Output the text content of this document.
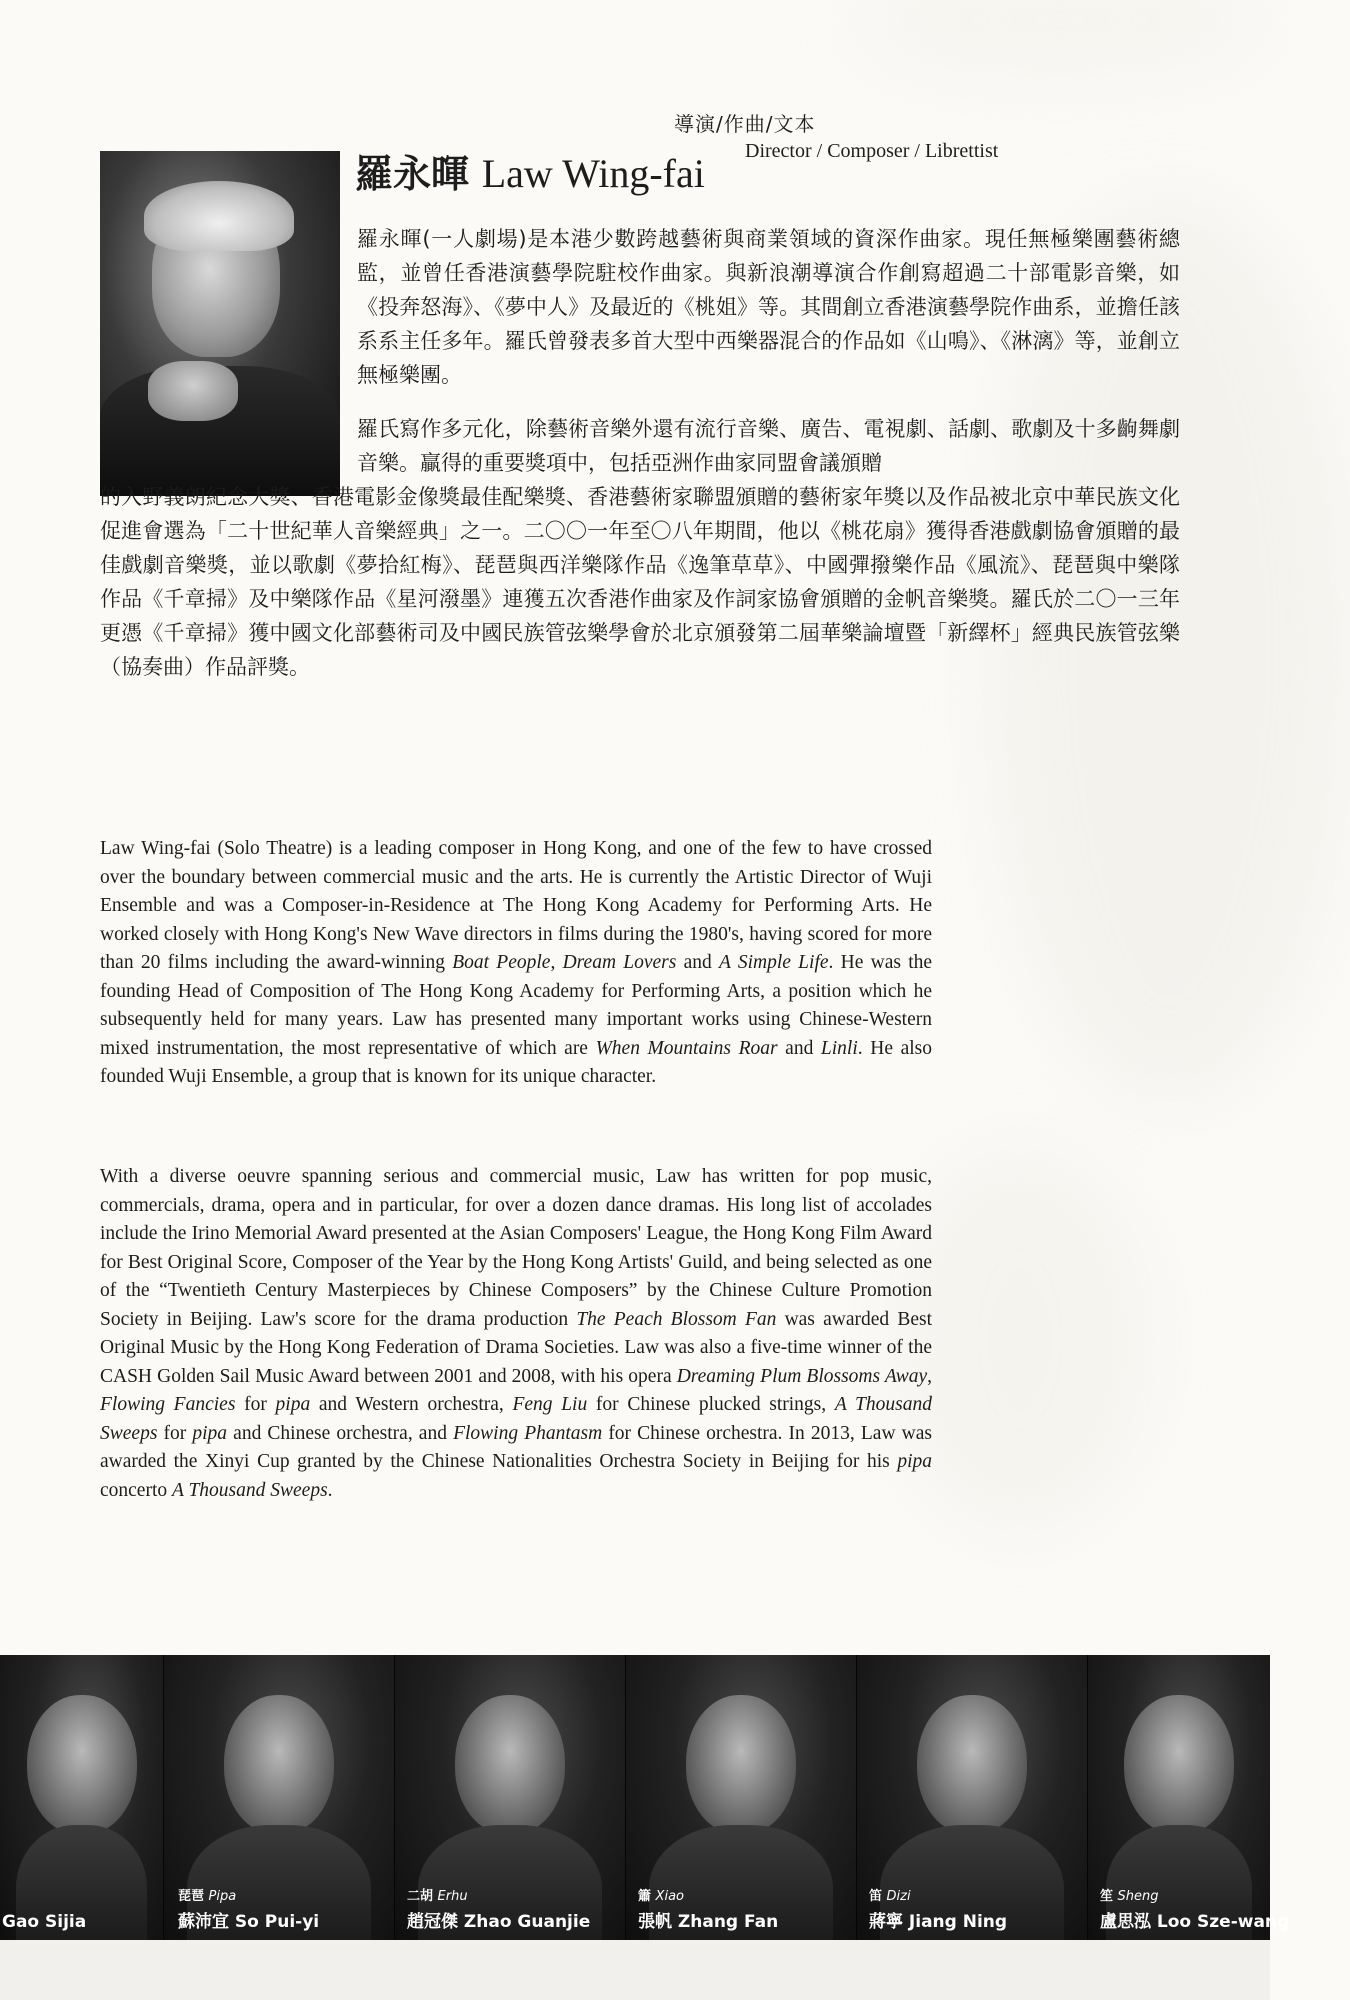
導演/作曲/文本
Director / Composer / Librettist
羅永暉 Law Wing-fai
羅永暉(一人劇場)是本港少數跨越藝術與商業領域的資深作曲家。現任無極樂團藝術總監，並曾任香港演藝學院駐校作曲家。與新浪潮導演合作創寫超過二十部電影音樂，如《投奔怒海》、《夢中人》及最近的《桃姐》等。其間創立香港演藝學院作曲系，並擔任該系系主任多年。羅氏曾發表多首大型中西樂器混合的作品如《山鳴》、《淋漓》等，並創立無極樂團。
羅氏寫作多元化，除藝術音樂外還有流行音樂、廣告、電視劇、話劇、歌劇及十多齣舞劇音樂。贏得的重要獎項中，包括亞洲作曲家同盟會議頒贈
的入野義朗紀念大獎、香港電影金像獎最佳配樂獎、香港藝術家聯盟頒贈的藝術家年獎以及作品被北京中華民族文化促進會選為「二十世紀華人音樂經典」之一。二〇〇一年至〇八年期間，他以《桃花扇》獲得香港戲劇協會頒贈的最佳戲劇音樂獎，並以歌劇《夢拾紅梅》、琵琶與西洋樂隊作品《逸筆草草》、中國彈撥樂作品《風流》、琵琶與中樂隊作品《千章掃》及中樂隊作品《星河潑墨》連獲五次香港作曲家及作詞家協會頒贈的金帆音樂獎。羅氏於二〇一三年更憑《千章掃》獲中國文化部藝術司及中國民族管弦樂學會於北京頒發第二屆華樂論壇暨「新繹杯」經典民族管弦樂（協奏曲）作品評獎。
Law Wing-fai (Solo Theatre) is a leading composer in Hong Kong, and one of the few to have crossed over the boundary between commercial music and the arts. He is currently the Artistic Director of Wuji Ensemble and was a Composer-in-Residence at The Hong Kong Academy for Performing Arts. He worked closely with Hong Kong's New Wave directors in films during the 1980's, having scored for more than 20 films including the award-winning Boat People, Dream Lovers and A Simple Life. He was the founding Head of Composition of The Hong Kong Academy for Performing Arts, a position which he subsequently held for many years. Law has presented many important works using Chinese-Western mixed instrumentation, the most representative of which are When Mountains Roar and Linli. He also founded Wuji Ensemble, a group that is known for its unique character.
With a diverse oeuvre spanning serious and commercial music, Law has written for pop music, commercials, drama, opera and in particular, for over a dozen dance dramas. His long list of accolades include the Irino Memorial Award presented at the Asian Composers' League, the Hong Kong Film Award for Best Original Score, Composer of the Year by the Hong Kong Artists' Guild, and being selected as one of the “Twentieth Century Masterpieces by Chinese Composers” by the Chinese Culture Promotion Society in Beijing. Law's score for the drama production The Peach Blossom Fan was awarded Best Original Music by the Hong Kong Federation of Drama Societies. Law was also a five-time winner of the CASH Golden Sail Music Award between 2001 and 2008, with his opera Dreaming Plum Blossoms Away, Flowing Fancies for pipa and Western orchestra, Feng Liu for Chinese plucked strings, A Thousand Sweeps for pipa and Chinese orchestra, and Flowing Phantasm for Chinese orchestra. In 2013, Law was awarded the Xinyi Cup granted by the Chinese Nationalities Orchestra Society in Beijing for his pipa concerto A Thousand Sweeps.
Gao Sijia
琵琶 Pipa
蘇沛宜 So Pui-yi
二胡 Erhu
趙冠傑 Zhao Guanjie
簫 Xiao
張帆 Zhang Fan
笛 Dizi
蔣寧 Jiang Ning
笙 Sheng
盧思泓 Loo Sze-wang
